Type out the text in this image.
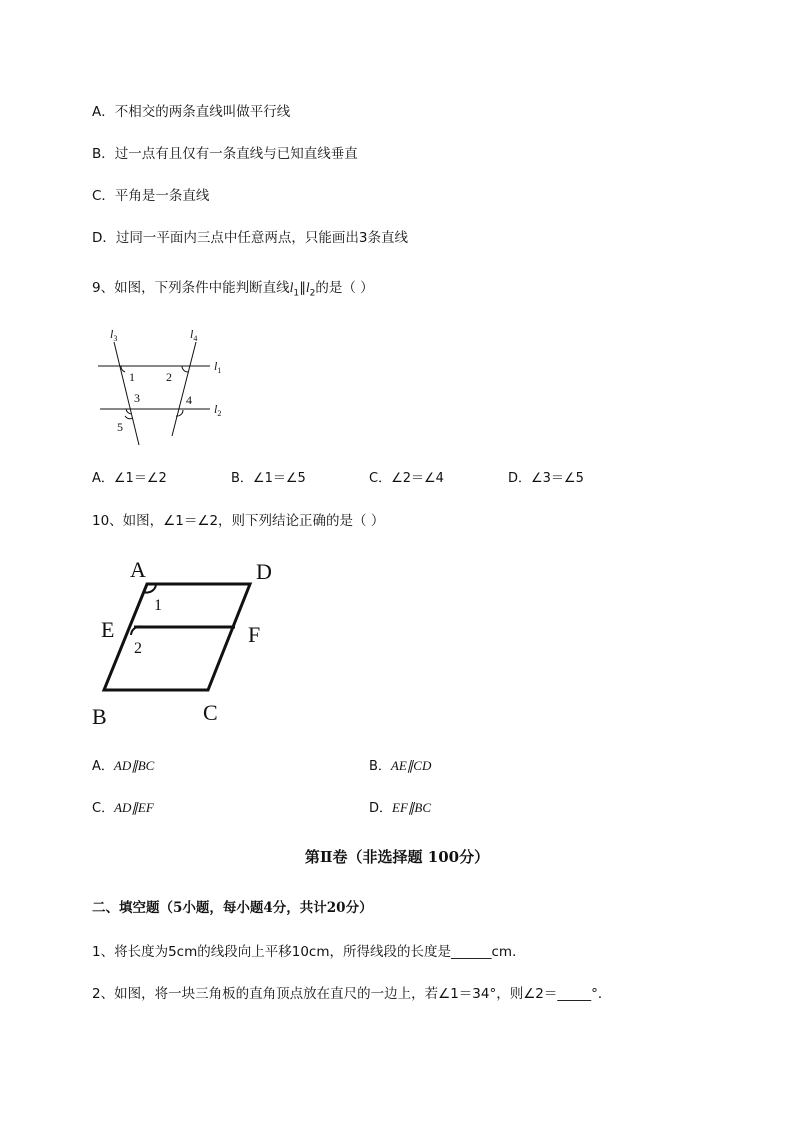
A．不相交的两条直线叫做平行线
B．过一点有且仅有一条直线与已知直线垂直
C．平角是一条直线
D．过同一平面内三点中任意两点，只能画出3条直线
9、如图，下列条件中能判断直线$l_1\parallel l_2$的是（ ）
$l_3$	$l_4$
$l_1$
$l_2$
1	2
3	4
5
A．∠1＝∠2	B．∠1＝∠5	C．∠2＝∠4	D．∠3＝∠5
10、如图，∠1＝∠2，则下列结论正确的是（ ）
A	D
E	F
B	C
1
2
A．AD∥BC	B．AE∥CD
C．AD∥EF	D．EF∥BC
第Ⅱ卷（非选择题 100分）
二、填空题（5小题，每小题4分，共计20分）
1、将长度为5cm的线段向上平移10cm，所得线段的长度是______cm．
2、如图，将一块三角板的直角顶点放在直尺的一边上，若∠1＝34°，则∠2＝_____°．
